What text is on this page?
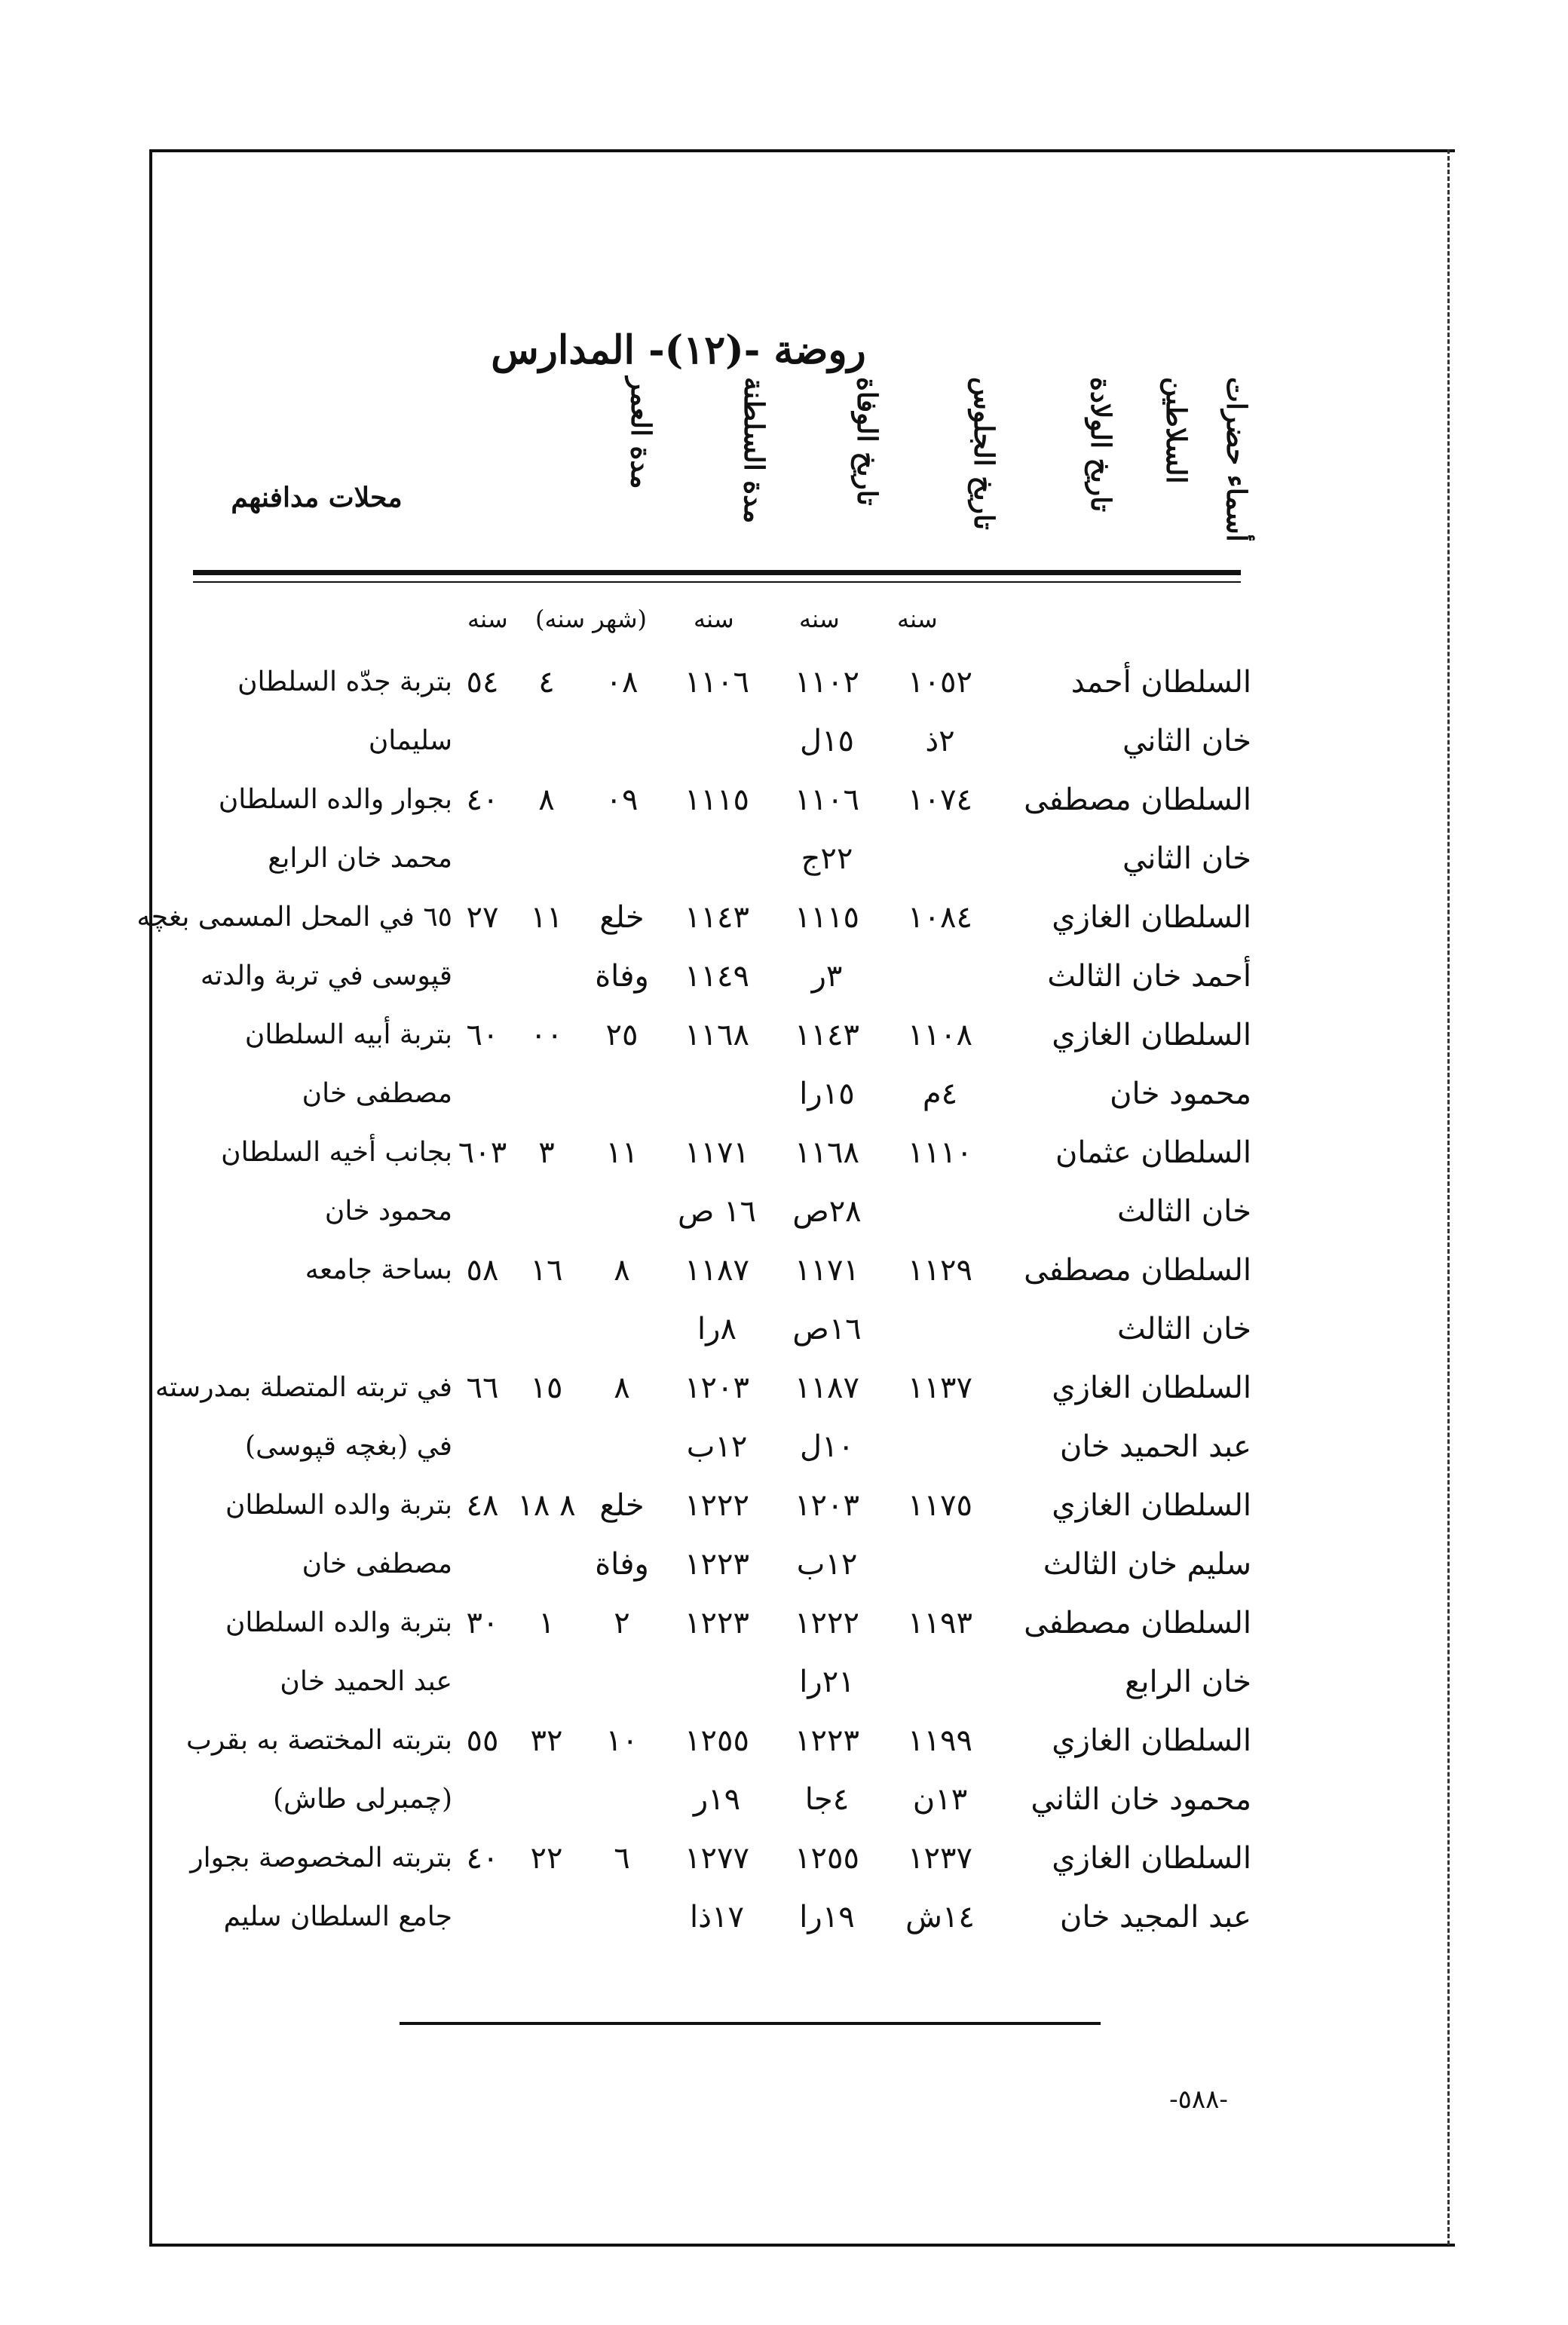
روضة -(١٢)- المدارس
أسماء حضرات السلاطين
تاريخ الولادة
تاريخ الجلوس
تاريخ الوفاة
مدة السلطنة
مدة العمر
محلات مدافنهم
سنه
سنه
سنه
(شهر سنه)
سنه
السلطان أحمد
١٠٥٢
١١٠٢
١١٠٦
٠٨
٤
٥٤
بتربة جدّه السلطان
خان الثاني
٢ذ
١٥ل
سليمان
السلطان مصطفى
١٠٧٤
١١٠٦
١١١٥
٠٩
٨
٤٠
بجوار والده السلطان
خان الثاني
٢٢ج
محمد خان الرابع
السلطان الغازي
١٠٨٤
١١١٥
١١٤٣
خلع
١١
٢٧
٦٥ في المحل المسمى بغچه
أحمد خان الثالث
٣ر
١١٤٩
وفاة
قپوسى في تربة والدته
السلطان الغازي
١١٠٨
١١٤٣
١١٦٨
٢٥
٠٠
٦٠
بتربة أبيه السلطان
محمود خان
٤م
١٥را
مصطفى خان
السلطان عثمان
١١١٠
١١٦٨
١١٧١
١١
٣
٦٠٣
بجانب أخيه السلطان
خان الثالث
٢٨ص
١٦ ص
محمود خان
السلطان مصطفى
١١٢٩
١١٧١
١١٨٧
٨
١٦
٥٨
بساحة جامعه
خان الثالث
١٦ص
٨را
السلطان الغازي
١١٣٧
١١٨٧
١٢٠٣
٨
١٥
٦٦
في تربته المتصلة بمدرسته
عبد الحميد خان
١٠ل
١٢ب
في (بغچه قپوسى)
السلطان الغازي
١١٧٥
١٢٠٣
١٢٢٢
خلع
٨ ١٨
٤٨
بتربة والده السلطان
سليم خان الثالث
١٢ب
١٢٢٣
وفاة
مصطفى خان
السلطان مصطفى
١١٩٣
١٢٢٢
١٢٢٣
٢
١
٣٠
بتربة والده السلطان
خان الرابع
٢١را
عبد الحميد خان
السلطان الغازي
١١٩٩
١٢٢٣
١٢٥٥
١٠
٣٢
٥٥
بتربته المختصة به بقرب
محمود خان الثاني
١٣ن
٤جا
١٩ر
(چمبرلى طاش)
السلطان الغازي
١٢٣٧
١٢٥٥
١٢٧٧
٦
٢٢
٤٠
بتربته المخصوصة بجوار
عبد المجيد خان
١٤ش
١٩را
١٧ذا
جامع السلطان سليم
-٥٨٨-
